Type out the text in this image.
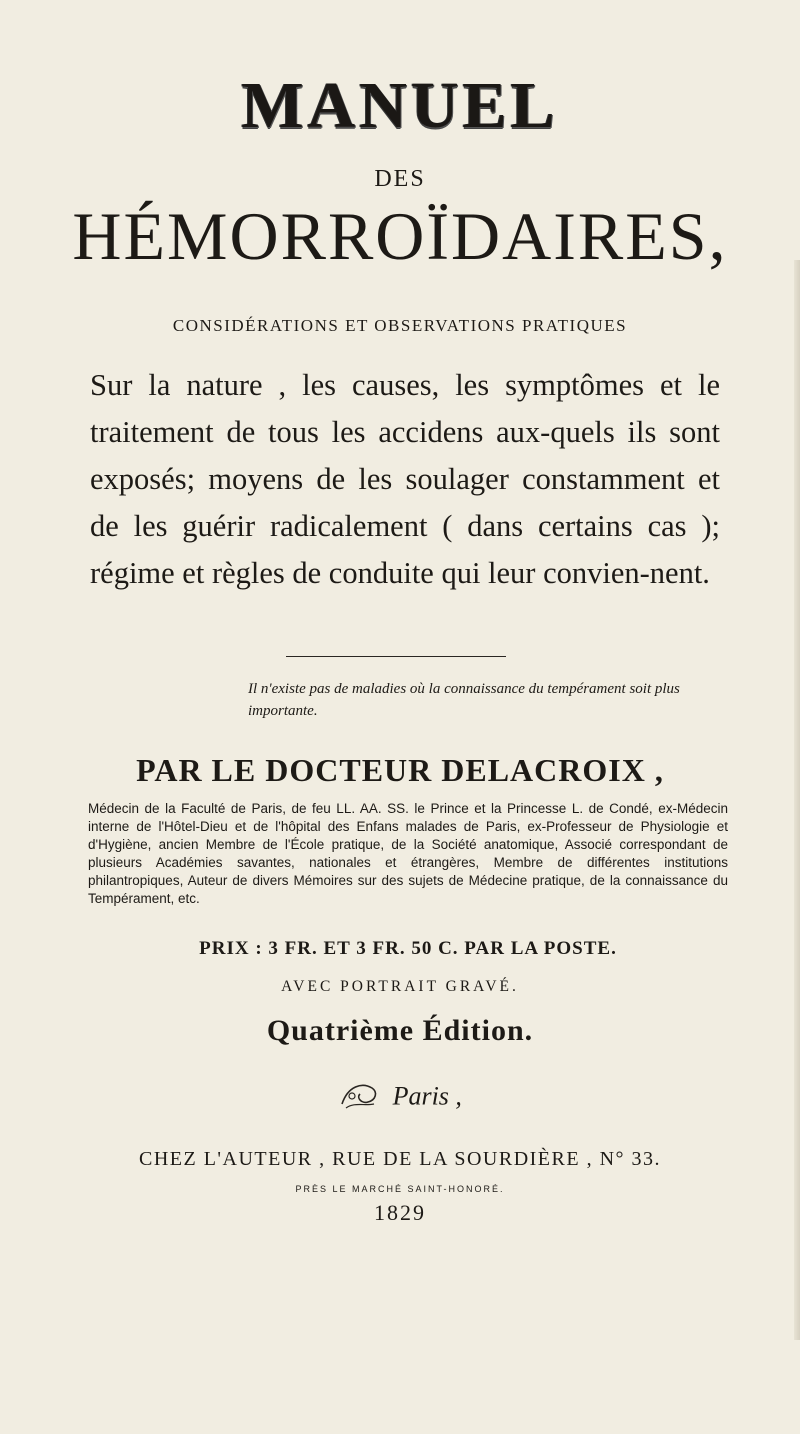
MANUEL
DES
HÉMORROÏDAIRES,
CONSIDÉRATIONS ET OBSERVATIONS PRATIQUES
Sur la nature , les causes, les symptômes et le traitement de tous les accidens aux-quels ils sont exposés; moyens de les soulager constamment et de les guérir radicalement ( dans certains cas ); régime et règles de conduite qui leur convien-nent.
Il n'existe pas de maladies où la connaissance du tempérament soit plus importante.
PAR LE DOCTEUR DELACROIX ,
Médecin de la Faculté de Paris, de feu LL. AA. SS. le Prince et la Princesse L. de Condé, ex-Médecin interne de l'Hôtel-Dieu et de l'hôpital des Enfans malades de Paris, ex-Professeur de Physiologie et d'Hygiène, ancien Membre de l'École pratique, de la Société anatomique, Associé correspondant de plusieurs Académies savantes, nationales et étrangères, Membre de différentes institutions philantropiques, Auteur de divers Mémoires sur des sujets de Médecine pratique, de la connaissance du Tempérament, etc.
PRIX : 3 FR. ET 3 FR. 50 C. PAR LA POSTE.
AVEC PORTRAIT GRAVÉ.
Quatrième Édition.
Paris ,
CHEZ L'AUTEUR , RUE DE LA SOURDIÈRE , N° 33.
PRÈS LE MARCHÉ SAINT-HONORÉ.
1829
